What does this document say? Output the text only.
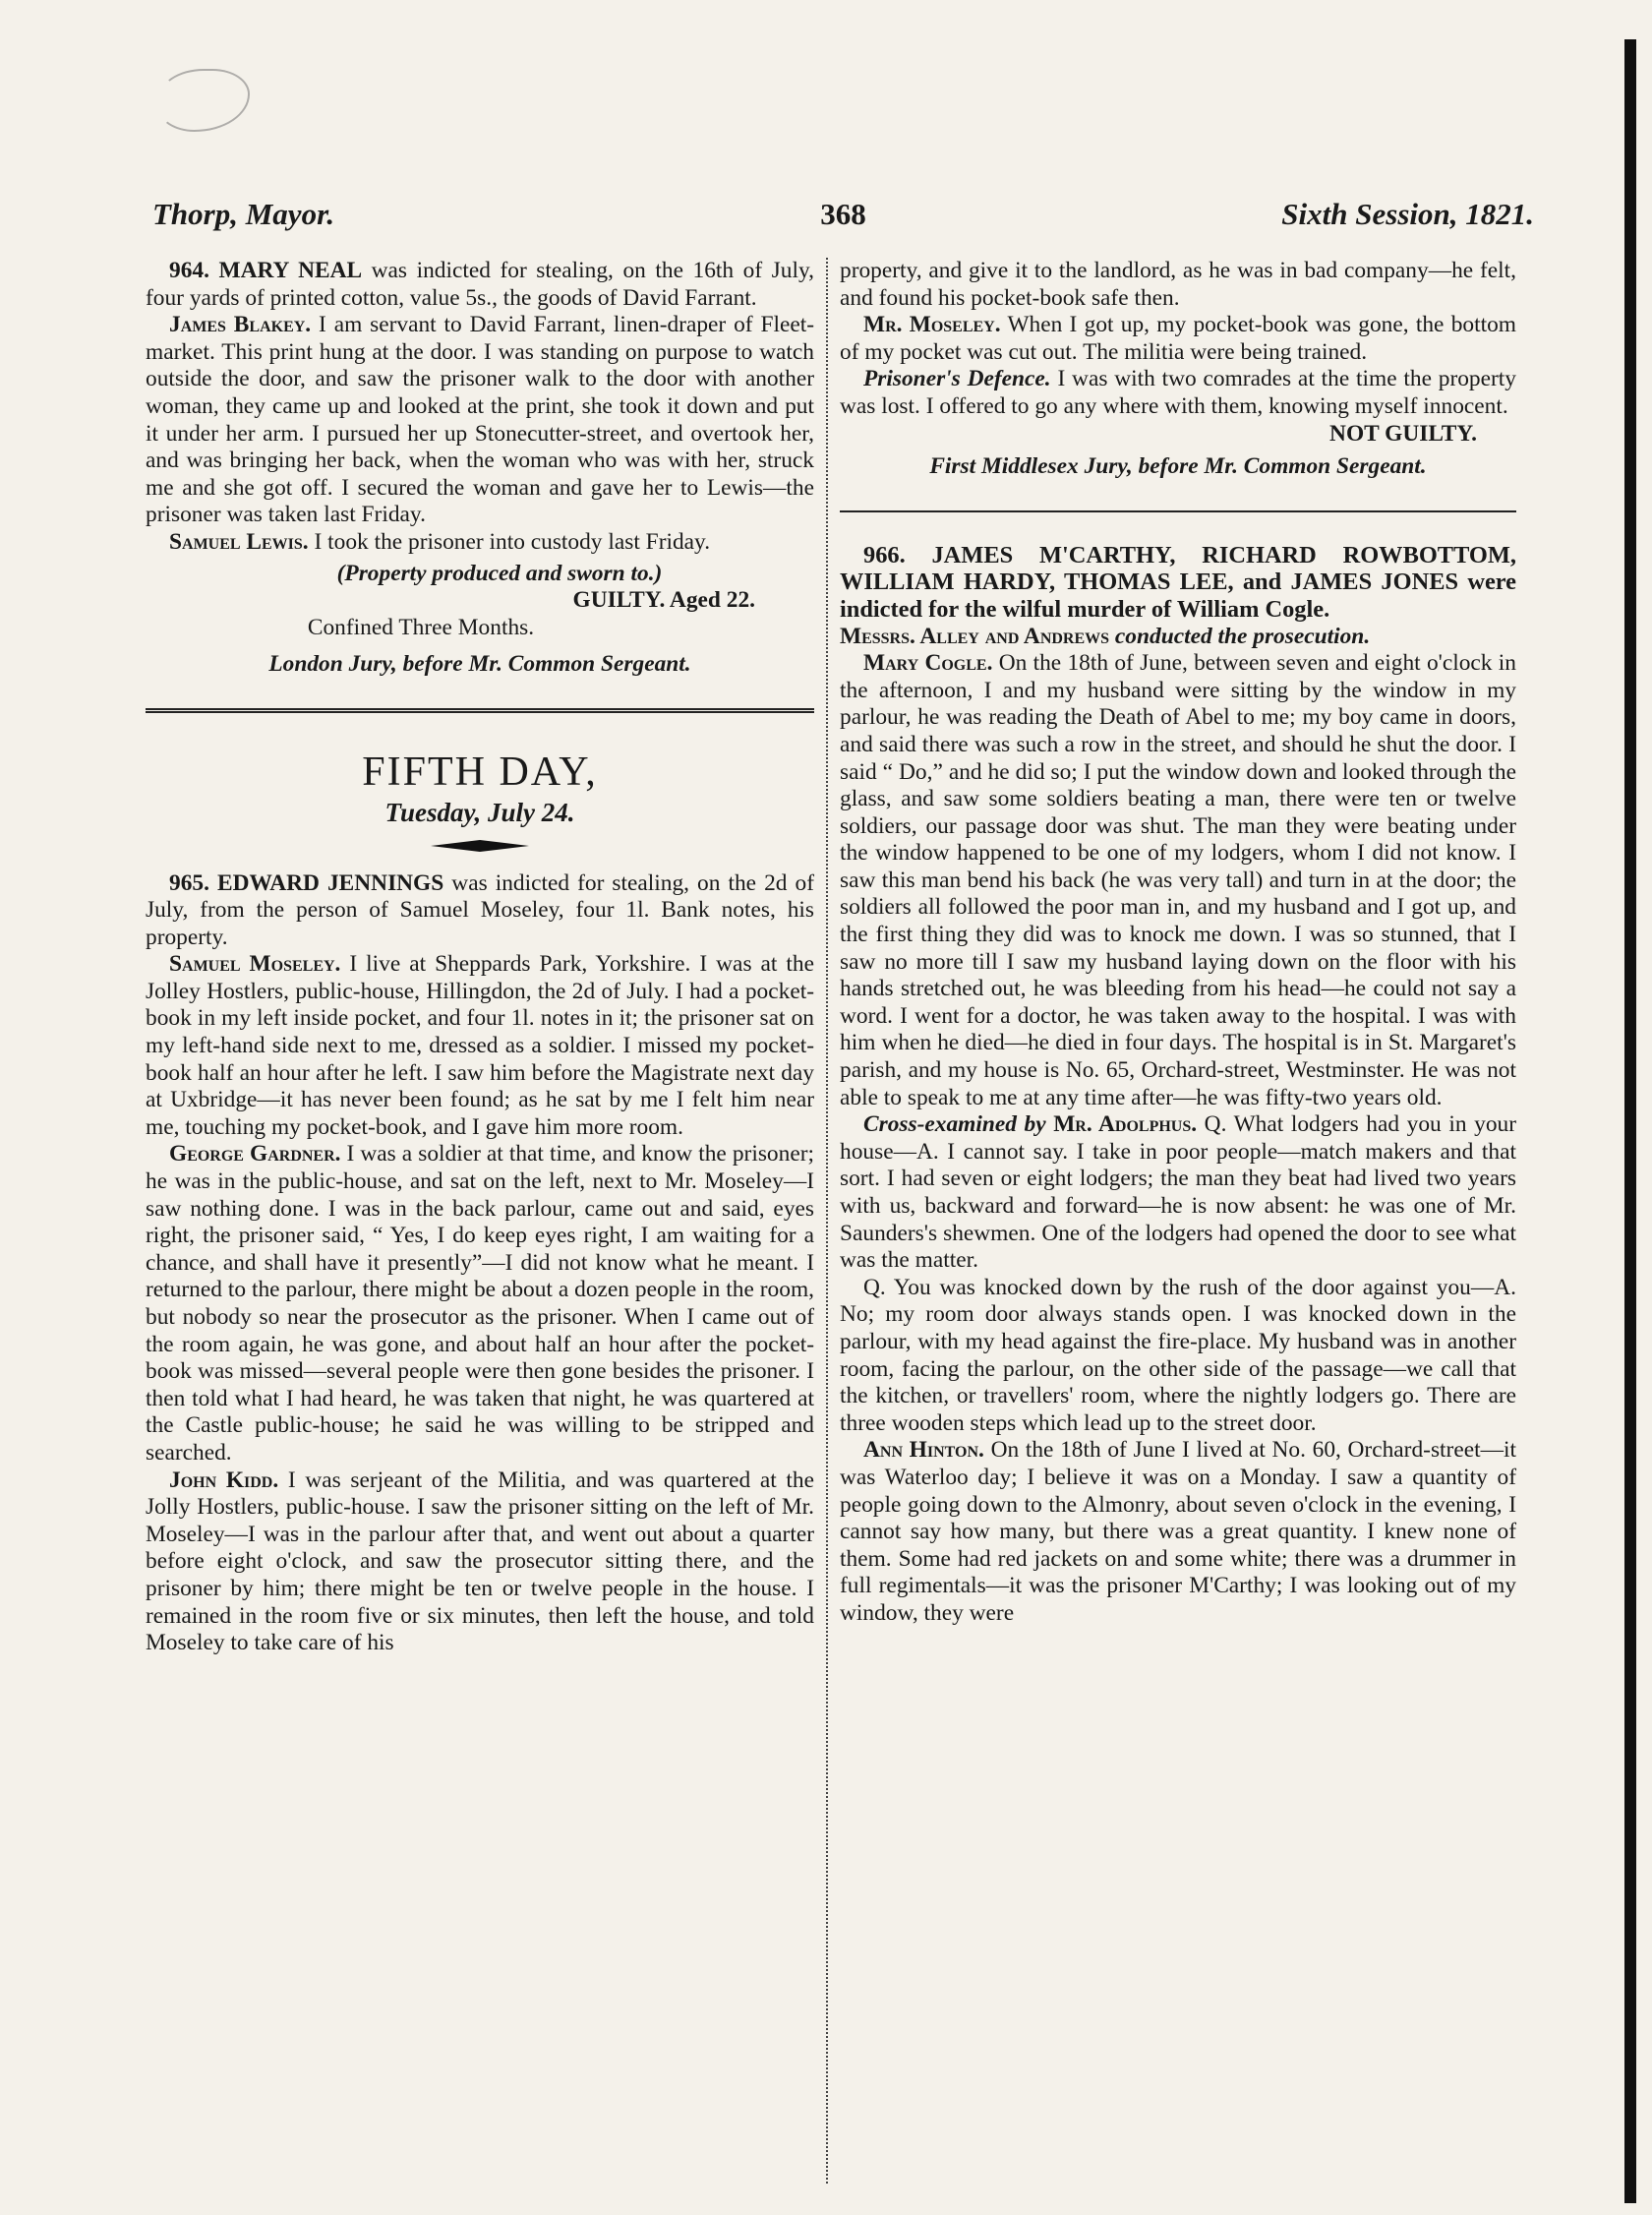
Thorp, Mayor.	368	Sixth Session, 1821.

964. MARY NEAL was indicted for stealing, on the 16th of July, four yards of printed cotton, value 5s., the goods of David Farrant.

James Blakey. I am servant to David Farrant, linen-draper of Fleet-market. This print hung at the door. I was standing on purpose to watch outside the door, and saw the prisoner walk to the door with another woman, they came up and looked at the print, she took it down and put it under her arm. I pursued her up Stonecutter-street, and overtook her, and was bringing her back, when the woman who was with her, struck me and she got off. I secured the woman and gave her to Lewis—the prisoner was taken last Friday.

Samuel Lewis. I took the prisoner into custody last Friday.

(Property produced and sworn to.)

GUILTY. Aged 22.

Confined Three Months.

London Jury, before Mr. Common Sergeant.

FIFTH DAY,

Tuesday, July 24.

965. EDWARD JENNINGS was indicted for stealing, on the 2d of July, from the person of Samuel Moseley, four 1l. Bank notes, his property.

Samuel Moseley. I live at Sheppards Park, Yorkshire. I was at the Jolley Hostlers, public-house, Hillingdon, the 2d of July. I had a pocket-book in my left inside pocket, and four 1l. notes in it; the prisoner sat on my left-hand side next to me, dressed as a soldier. I missed my pocket-book half an hour after he left. I saw him before the Magistrate next day at Uxbridge—it has never been found; as he sat by me I felt him near me, touching my pocket-book, and I gave him more room.

George Gardner. I was a soldier at that time, and know the prisoner; he was in the public-house, and sat on the left, next to Mr. Moseley—I saw nothing done. I was in the back parlour, came out and said, eyes right, the prisoner said, “ Yes, I do keep eyes right, I am waiting for a chance, and shall have it presently”—I did not know what he meant. I returned to the parlour, there might be about a dozen people in the room, but nobody so near the prosecutor as the prisoner. When I came out of the room again, he was gone, and about half an hour after the pocket-book was missed—several people were then gone besides the prisoner. I then told what I had heard, he was taken that night, he was quartered at the Castle public-house; he said he was willing to be stripped and searched.

John Kidd. I was serjeant of the Militia, and was quartered at the Jolly Hostlers, public-house. I saw the prisoner sitting on the left of Mr. Moseley—I was in the parlour after that, and went out about a quarter before eight o'clock, and saw the prosecutor sitting there, and the prisoner by him; there might be ten or twelve people in the house. I remained in the room five or six minutes, then left the house, and told Moseley to take care of his

property, and give it to the landlord, as he was in bad company—he felt, and found his pocket-book safe then.

Mr. Moseley. When I got up, my pocket-book was gone, the bottom of my pocket was cut out. The militia were being trained.

Prisoner's Defence. I was with two comrades at the time the property was lost. I offered to go any where with them, knowing myself innocent.

NOT GUILTY.

First Middlesex Jury, before Mr. Common Sergeant.

966. JAMES M'CARTHY, RICHARD ROWBOTTOM, WILLIAM HARDY, THOMAS LEE, and JAMES JONES were indicted for the wilful murder of William Cogle.

Messrs. Alley and Andrews conducted the prosecution.

Mary Cogle. On the 18th of June, between seven and eight o'clock in the afternoon, I and my husband were sitting by the window in my parlour, he was reading the Death of Abel to me; my boy came in doors, and said there was such a row in the street, and should he shut the door. I said “ Do,” and he did so; I put the window down and looked through the glass, and saw some soldiers beating a man, there were ten or twelve soldiers, our passage door was shut. The man they were beating under the window happened to be one of my lodgers, whom I did not know. I saw this man bend his back (he was very tall) and turn in at the door; the soldiers all followed the poor man in, and my husband and I got up, and the first thing they did was to knock me down. I was so stunned, that I saw no more till I saw my husband laying down on the floor with his hands stretched out, he was bleeding from his head—he could not say a word. I went for a doctor, he was taken away to the hospital. I was with him when he died—he died in four days. The hospital is in St. Margaret's parish, and my house is No. 65, Orchard-street, Westminster. He was not able to speak to me at any time after—he was fifty-two years old.

Cross-examined by Mr. Adolphus. Q. What lodgers had you in your house—A. I cannot say. I take in poor people—match makers and that sort. I had seven or eight lodgers; the man they beat had lived two years with us, backward and forward—he is now absent: he was one of Mr. Saunders's shewmen. One of the lodgers had opened the door to see what was the matter.

Q. You was knocked down by the rush of the door against you—A. No; my room door always stands open. I was knocked down in the parlour, with my head against the fire-place. My husband was in another room, facing the parlour, on the other side of the passage—we call that the kitchen, or travellers' room, where the nightly lodgers go. There are three wooden steps which lead up to the street door.

Ann Hinton. On the 18th of June I lived at No. 60, Orchard-street—it was Waterloo day; I believe it was on a Monday. I saw a quantity of people going down to the Almonry, about seven o'clock in the evening, I cannot say how many, but there was a great quantity. I knew none of them. Some had red jackets on and some white; there was a drummer in full regimentals—it was the prisoner M'Carthy; I was looking out of my window, they were
